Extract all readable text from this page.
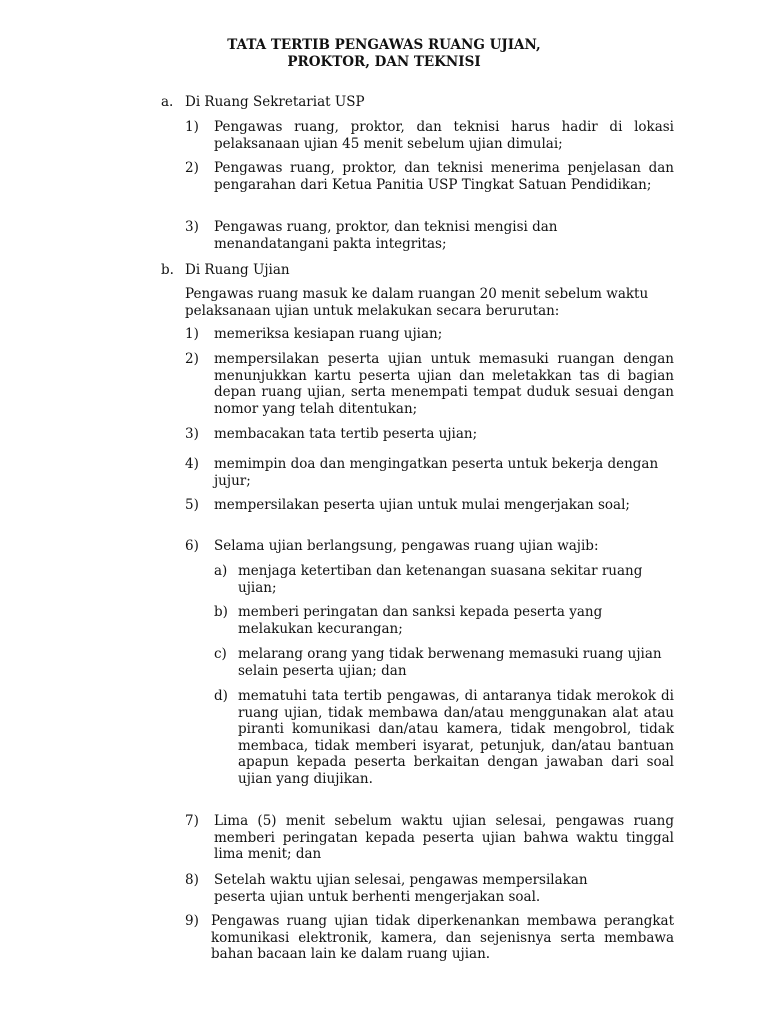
TATA TERTIB PENGAWAS RUANG UJIAN,
PROKTOR, DAN TEKNISI
a. Di Ruang Sekretariat USP
1) Pengawas ruang, proktor, dan teknisi harus hadir di lokasi pelaksanaan ujian 45 menit sebelum ujian dimulai;
2) Pengawas ruang, proktor, dan teknisi menerima penjelasan dan pengarahan dari Ketua Panitia USP Tingkat Satuan Pendidikan;
3) Pengawas ruang, proktor, dan teknisi mengisi dan menandatangani pakta integritas;
b. Di Ruang Ujian
Pengawas ruang masuk ke dalam ruangan 20 menit sebelum waktu pelaksanaan ujian untuk melakukan secara berurutan:
1) memeriksa kesiapan ruang ujian;
2) mempersilakan peserta ujian untuk memasuki ruangan dengan menunjukkan kartu peserta ujian dan meletakkan tas di bagian depan ruang ujian, serta menempati tempat duduk sesuai dengan nomor yang telah ditentukan;
3) membacakan tata tertib peserta ujian;
4) memimpin doa dan mengingatkan peserta untuk bekerja dengan jujur;
5) mempersilakan peserta ujian untuk mulai mengerjakan soal;
6) Selama ujian berlangsung, pengawas ruang ujian wajib:
a) menjaga ketertiban dan ketenangan suasana sekitar ruang ujian;
b) memberi peringatan dan sanksi kepada peserta yang melakukan kecurangan;
c) melarang orang yang tidak berwenang memasuki ruang ujian selain peserta ujian; dan
d) mematuhi tata tertib pengawas, di antaranya tidak merokok di ruang ujian, tidak membawa dan/atau menggunakan alat atau piranti komunikasi dan/atau kamera, tidak mengobrol, tidak membaca, tidak memberi isyarat, petunjuk, dan/atau bantuan apapun kepada peserta berkaitan dengan jawaban dari soal ujian yang diujikan.
7) Lima (5) menit sebelum waktu ujian selesai, pengawas ruang memberi peringatan kepada peserta ujian bahwa waktu tinggal lima menit; dan
8) Setelah waktu ujian selesai, pengawas mempersilakan peserta ujian untuk berhenti mengerjakan soal.
9) Pengawas ruang ujian tidak diperkenankan membawa perangkat komunikasi elektronik, kamera, dan sejenisnya serta membawa bahan bacaan lain ke dalam ruang ujian.
